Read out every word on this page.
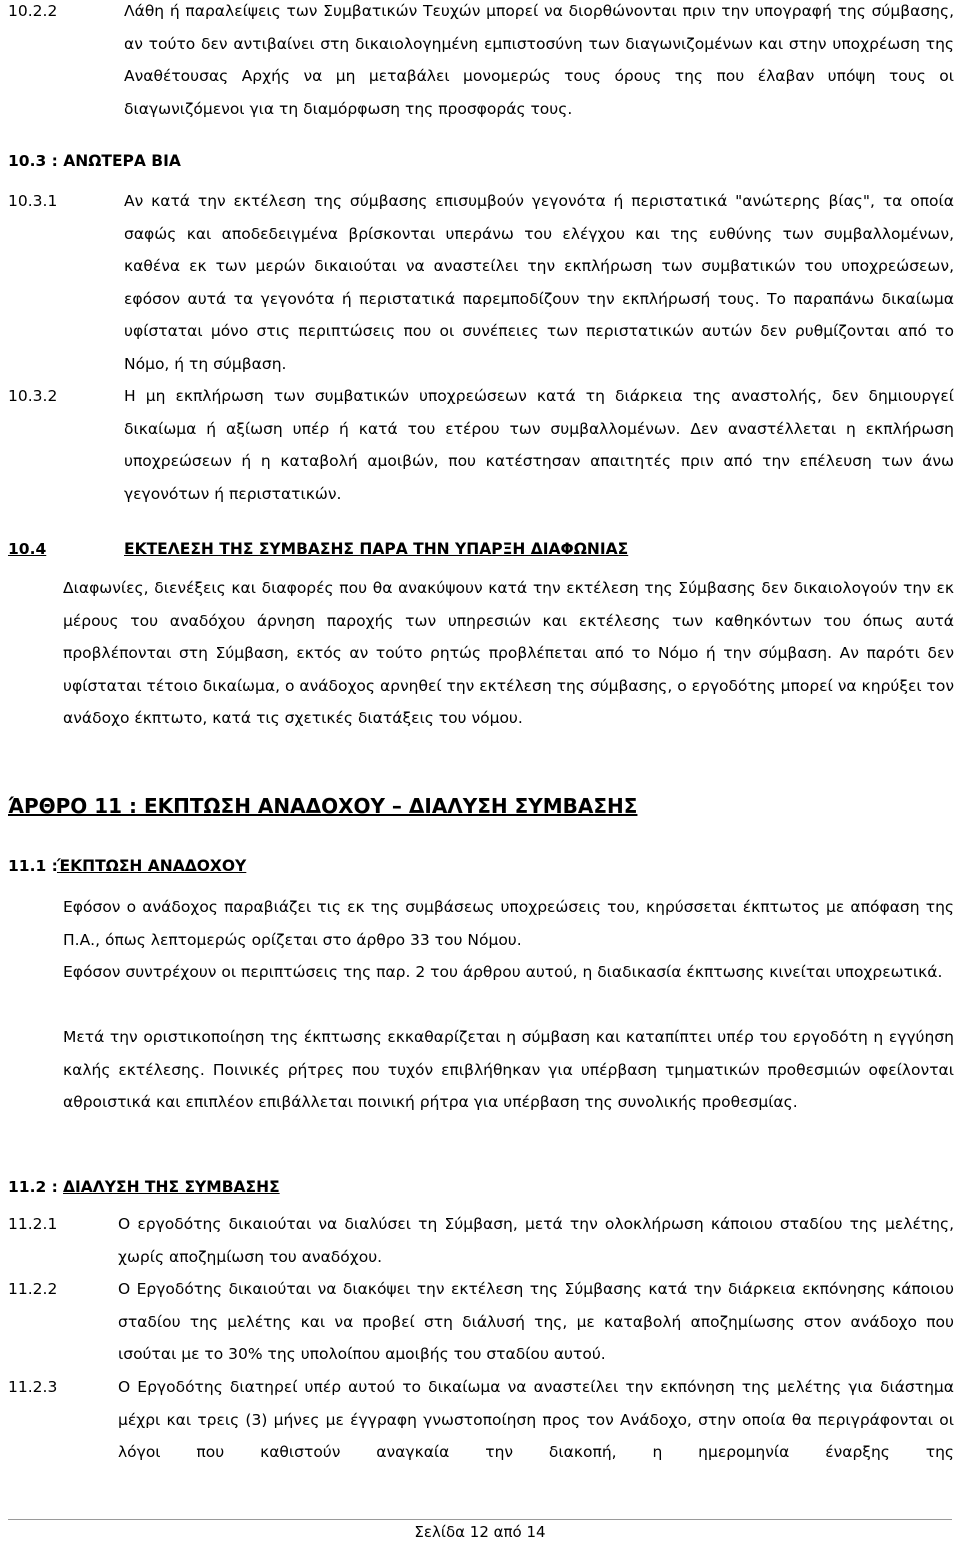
10.2.2	Λάθη ή παραλείψεις των Συμβατικών Τευχών μπορεί να διορθώνονται πριν την υπογραφή της σύμβασης, αν τούτο δεν αντιβαίνει στη δικαιολογημένη εμπιστοσύνη των διαγωνιζομένων και στην υποχρέωση της Αναθέτουσας Αρχής να μη μεταβάλει μονομερώς τους όρους της που έλαβαν υπόψη τους οι διαγωνιζόμενοι για τη διαμόρφωση της προσφοράς τους.
10.3 : ΑΝΩΤΕΡΑ ΒΙΑ
10.3.1	Αν κατά την εκτέλεση της σύμβασης επισυμβούν γεγονότα ή περιστατικά "ανώτερης βίας", τα οποία σαφώς και αποδεδειγμένα βρίσκονται υπεράνω του ελέγχου και της ευθύνης των συμβαλλομένων, καθένα εκ των μερών δικαιούται να αναστείλει την εκπλήρωση των συμβατικών του υποχρεώσεων, εφόσον αυτά τα γεγονότα ή περιστατικά παρεμποδίζουν την εκπλήρωσή τους. Το παραπάνω δικαίωμα υφίσταται μόνο στις περιπτώσεις που οι συνέπειες των περιστατικών αυτών δεν ρυθμίζονται από το Νόμο, ή τη σύμβαση.
10.3.2	Η μη εκπλήρωση των συμβατικών υποχρεώσεων κατά τη διάρκεια της αναστολής, δεν δημιουργεί δικαίωμα ή αξίωση υπέρ ή κατά του ετέρου των συμβαλλομένων. Δεν αναστέλλεται η εκπλήρωση υποχρεώσεων ή η καταβολή αμοιβών, που κατέστησαν απαιτητές πριν από την επέλευση των άνω γεγονότων ή περιστατικών.
10.4	ΕΚΤΕΛΕΣΗ ΤΗΣ ΣΥΜΒΑΣΗΣ ΠΑΡΑ ΤΗΝ ΥΠΑΡΞΗ ΔΙΑΦΩΝΙΑΣ
Διαφωνίες, διενέξεις και διαφορές που θα ανακύψουν κατά την εκτέλεση της Σύμβασης δεν δικαιολογούν την εκ μέρους του αναδόχου άρνηση παροχής των υπηρεσιών και εκτέλεσης των καθηκόντων του όπως αυτά προβλέπονται στη Σύμβαση, εκτός αν τούτο ρητώς προβλέπεται από το Νόμο ή την σύμβαση. Αν παρότι δεν υφίσταται τέτοιο δικαίωμα, ο ανάδοχος αρνηθεί την εκτέλεση της σύμβασης, ο εργοδότης μπορεί να κηρύξει τον ανάδοχο έκπτωτο, κατά τις σχετικές διατάξεις του νόμου.
ΆΡΘΡΟ 11 : ΕΚΠΤΩΣΗ ΑΝΑΔΟΧΟΥ – ΔΙΑΛΥΣΗ ΣΥΜΒΑΣΗΣ
11.1 : ΈΚΠΤΩΣΗ ΑΝΑΔΟΧΟΥ
Εφόσον ο ανάδοχος παραβιάζει τις εκ της συμβάσεως υποχρεώσεις του, κηρύσσεται έκπτωτος με απόφαση της Π.Α., όπως λεπτομερώς ορίζεται στο άρθρο 33 του Νόμου.
Εφόσον συντρέχουν οι περιπτώσεις της παρ. 2 του άρθρου αυτού, η διαδικασία έκπτωσης κινείται υποχρεωτικά.
Μετά την οριστικοποίηση της έκπτωσης εκκαθαρίζεται η σύμβαση και καταπίπτει υπέρ του εργοδότη η εγγύηση καλής εκτέλεσης. Ποινικές ρήτρες που τυχόν επιβλήθηκαν για υπέρβαση τμηματικών προθεσμιών οφείλονται αθροιστικά και επιπλέον επιβάλλεται ποινική ρήτρα για υπέρβαση της συνολικής προθεσμίας.
11.2 : ΔΙΑΛΥΣΗ ΤΗΣ ΣΥΜΒΑΣΗΣ
11.2.1	Ο εργοδότης δικαιούται να διαλύσει τη Σύμβαση, μετά την ολοκλήρωση κάποιου σταδίου της μελέτης, χωρίς αποζημίωση του αναδόχου.
11.2.2	Ο Εργοδότης δικαιούται να διακόψει την εκτέλεση της Σύμβασης κατά την διάρκεια εκπόνησης κάποιου σταδίου της μελέτης και να προβεί στη διάλυσή της, με καταβολή αποζημίωσης στον ανάδοχο που ισούται με το 30% της υπολοίπου αμοιβής του σταδίου αυτού.
11.2.3	Ο Εργοδότης διατηρεί υπέρ αυτού το δικαίωμα να αναστείλει την εκπόνηση της μελέτης για διάστημα μέχρι και τρεις (3) μήνες με έγγραφη γνωστοποίηση προς τον Ανάδοχο, στην οποία θα περιγράφονται οι λόγοι που καθιστούν αναγκαία την διακοπή, η ημερομηνία έναρξης της
Σελίδα 12 από 14
